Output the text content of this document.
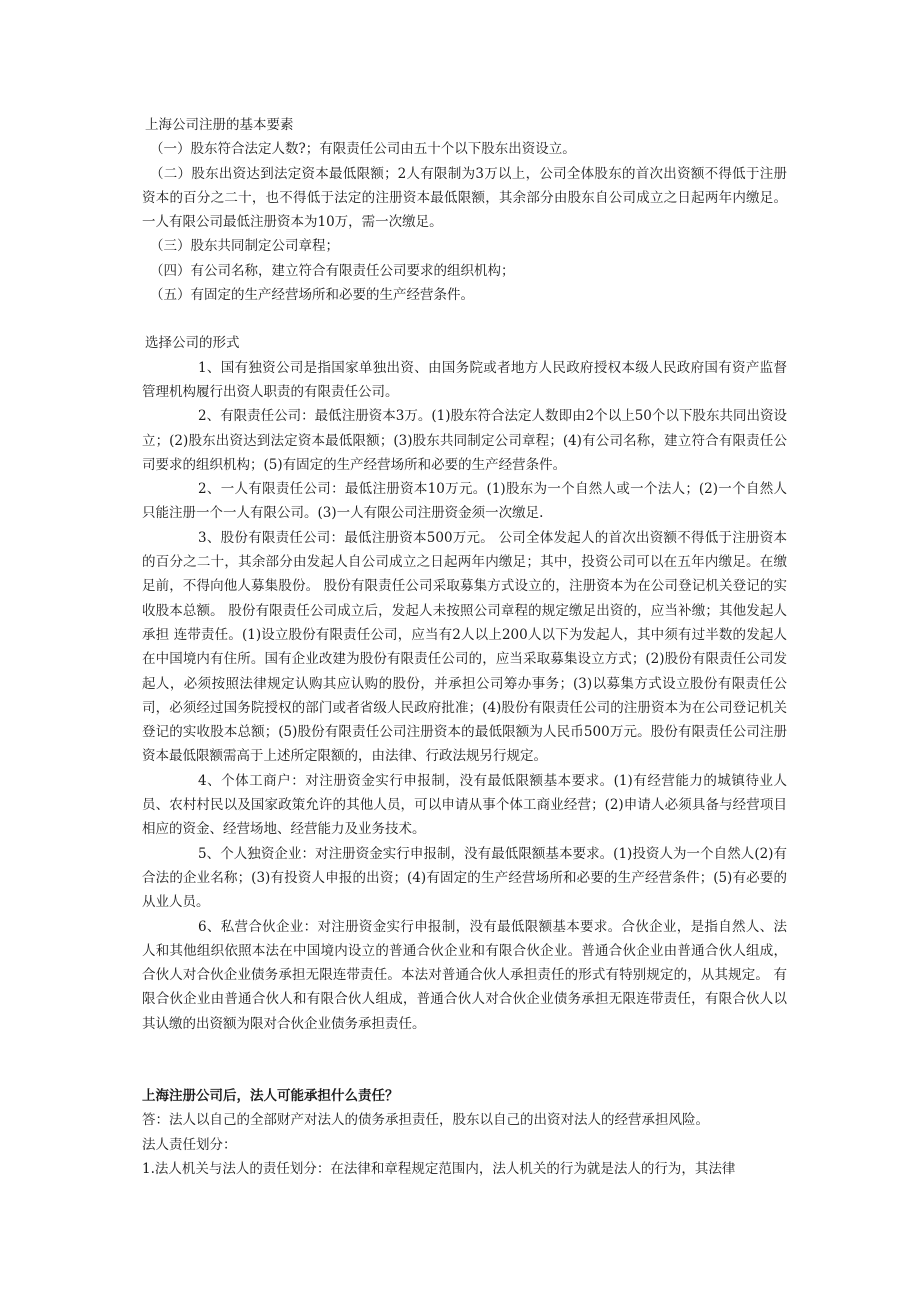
上海公司注册的基本要素

（一）股东符合法定人数?；有限责任公司由五十个以下股东出资设立。

（二）股东出资达到法定资本最低限额；2人有限制为3万以上，公司全体股东的首次出资额不得低于注册资本的百分之二十，也不得低于法定的注册资本最低限额，其余部分由股东自公司成立之日起两年内缴足。一人有限公司最低注册资本为10万，需一次缴足。

（三）股东共同制定公司章程；

（四）有公司名称，建立符合有限责任公司要求的组织机构；

（五）有固定的生产经营场所和必要的生产经营条件。

选择公司的形式

1、国有独资公司是指国家单独出资、由国务院或者地方人民政府授权本级人民政府国有资产监督管理机构履行出资人职责的有限责任公司。

2、有限责任公司：最低注册资本3万。(1)股东符合法定人数即由2个以上50个以下股东共同出资设立；(2)股东出资达到法定资本最低限额；(3)股东共同制定公司章程；(4)有公司名称，建立符合有限责任公司要求的组织机构；(5)有固定的生产经营场所和必要的生产经营条件。

2、一人有限责任公司：最低注册资本10万元。(1)股东为一个自然人或一个法人；(2)一个自然人只能注册一个一人有限公司。(3)一人有限公司注册资金须一次缴足.

3、股份有限责任公司：最低注册资本500万元。 公司全体发起人的首次出资额不得低于注册资本的百分之二十，其余部分由发起人自公司成立之日起两年内缴足；其中，投资公司可以在五年内缴足。在缴足前，不得向他人募集股份。 股份有限责任公司采取募集方式设立的，注册资本为在公司登记机关登记的实收股本总额。 股份有限责任公司成立后，发起人未按照公司章程的规定缴足出资的，应当补缴；其他发起人承担 连带责任。(1)设立股份有限责任公司，应当有2人以上200人以下为发起人，其中须有过半数的发起人在中国境内有住所。国有企业改建为股份有限责任公司的，应当采取募集设立方式；(2)股份有限责任公司发起人，必须按照法律规定认购其应认购的股份，并承担公司筹办事务；(3)以募集方式设立股份有限责任公司，必须经过国务院授权的部门或者省级人民政府批准；(4)股份有限责任公司的注册资本为在公司登记机关登记的实收股本总额；(5)股份有限责任公司注册资本的最低限额为人民币500万元。股份有限责任公司注册资本最低限额需高于上述所定限额的，由法律、行政法规另行规定。

4、个体工商户：对注册资金实行申报制，没有最低限额基本要求。(1)有经营能力的城镇待业人员、农村村民以及国家政策允许的其他人员，可以申请从事个体工商业经营；(2)申请人必须具备与经营项目相应的资金、经营场地、经营能力及业务技术。

5、个人独资企业：对注册资金实行申报制，没有最低限额基本要求。(1)投资人为一个自然人(2)有合法的企业名称；(3)有投资人申报的出资；(4)有固定的生产经营场所和必要的生产经营条件；(5)有必要的从业人员。

6、私营合伙企业：对注册资金实行申报制，没有最低限额基本要求。合伙企业，是指自然人、法人和其他组织依照本法在中国境内设立的普通合伙企业和有限合伙企业。普通合伙企业由普通合伙人组成，合伙人对合伙企业债务承担无限连带责任。本法对普通合伙人承担责任的形式有特别规定的，从其规定。 有限合伙企业由普通合伙人和有限合伙人组成，普通合伙人对合伙企业债务承担无限连带责任，有限合伙人以其认缴的出资额为限对合伙企业债务承担责任。

上海注册公司后，法人可能承担什么责任？

答：法人以自己的全部财产对法人的债务承担责任，股东以自己的出资对法人的经营承担风险。

法人责任划分：

1.法人机关与法人的责任划分：在法律和章程规定范围内，法人机关的行为就是法人的行为，其法律
